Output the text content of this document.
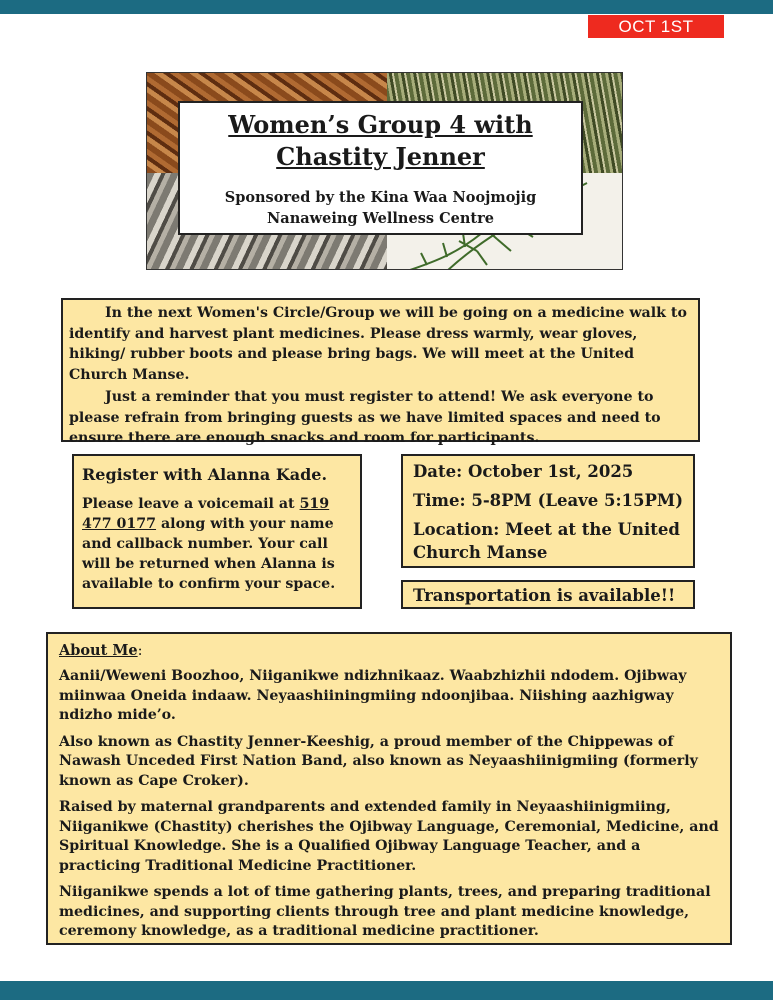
OCT 1ST
Women’s Group 4 with
Chastity Jenner
Sponsored by the Kina Waa Noojmojig
Nanaweing Wellness Centre

In the next Women's Circle/Group we will be going on a medicine walk to identify and harvest plant medicines. Please dress warmly, wear gloves, hiking/ rubber boots and please bring bags. We will meet at the United Church Manse.

Just a reminder that you must register to attend! We ask everyone to please refrain from bringing guests as we have limited spaces and need to ensure there are enough snacks and room for participants.

Register with Alanna Kade.

Please leave a voicemail at 519 477 0177 along with your name and callback number. Your call will be returned when Alanna is available to confirm your space.

Date: October 1st, 2025

Time: 5-8PM (Leave 5:15PM)

Location: Meet at the United Church Manse

Transportation is available!!

About Me:

Aanii/Weweni Boozhoo, Niiganikwe ndizhnikaaz. Waabzhizhii ndodem. Ojibway miinwaa Oneida indaaw. Neyaashiiningmiing ndoonjibaa. Niishing aazhigway ndizho mide’o.

Also known as Chastity Jenner-Keeshig, a proud member of the Chippewas of Nawash Unceded First Nation Band, also known as Neyaashiinigmiing (formerly known as Cape Croker).

Raised by maternal grandparents and extended family in Neyaashiinigmiing, Niiganikwe (Chastity) cherishes the Ojibway Language, Ceremonial, Medicine, and Spiritual Knowledge. She is a Qualified Ojibway Language Teacher, and a practicing Traditional Medicine Practitioner.

Niiganikwe spends a lot of time gathering plants, trees, and preparing traditional medicines, and supporting clients through tree and plant medicine knowledge, ceremony knowledge, as a traditional medicine practitioner.
